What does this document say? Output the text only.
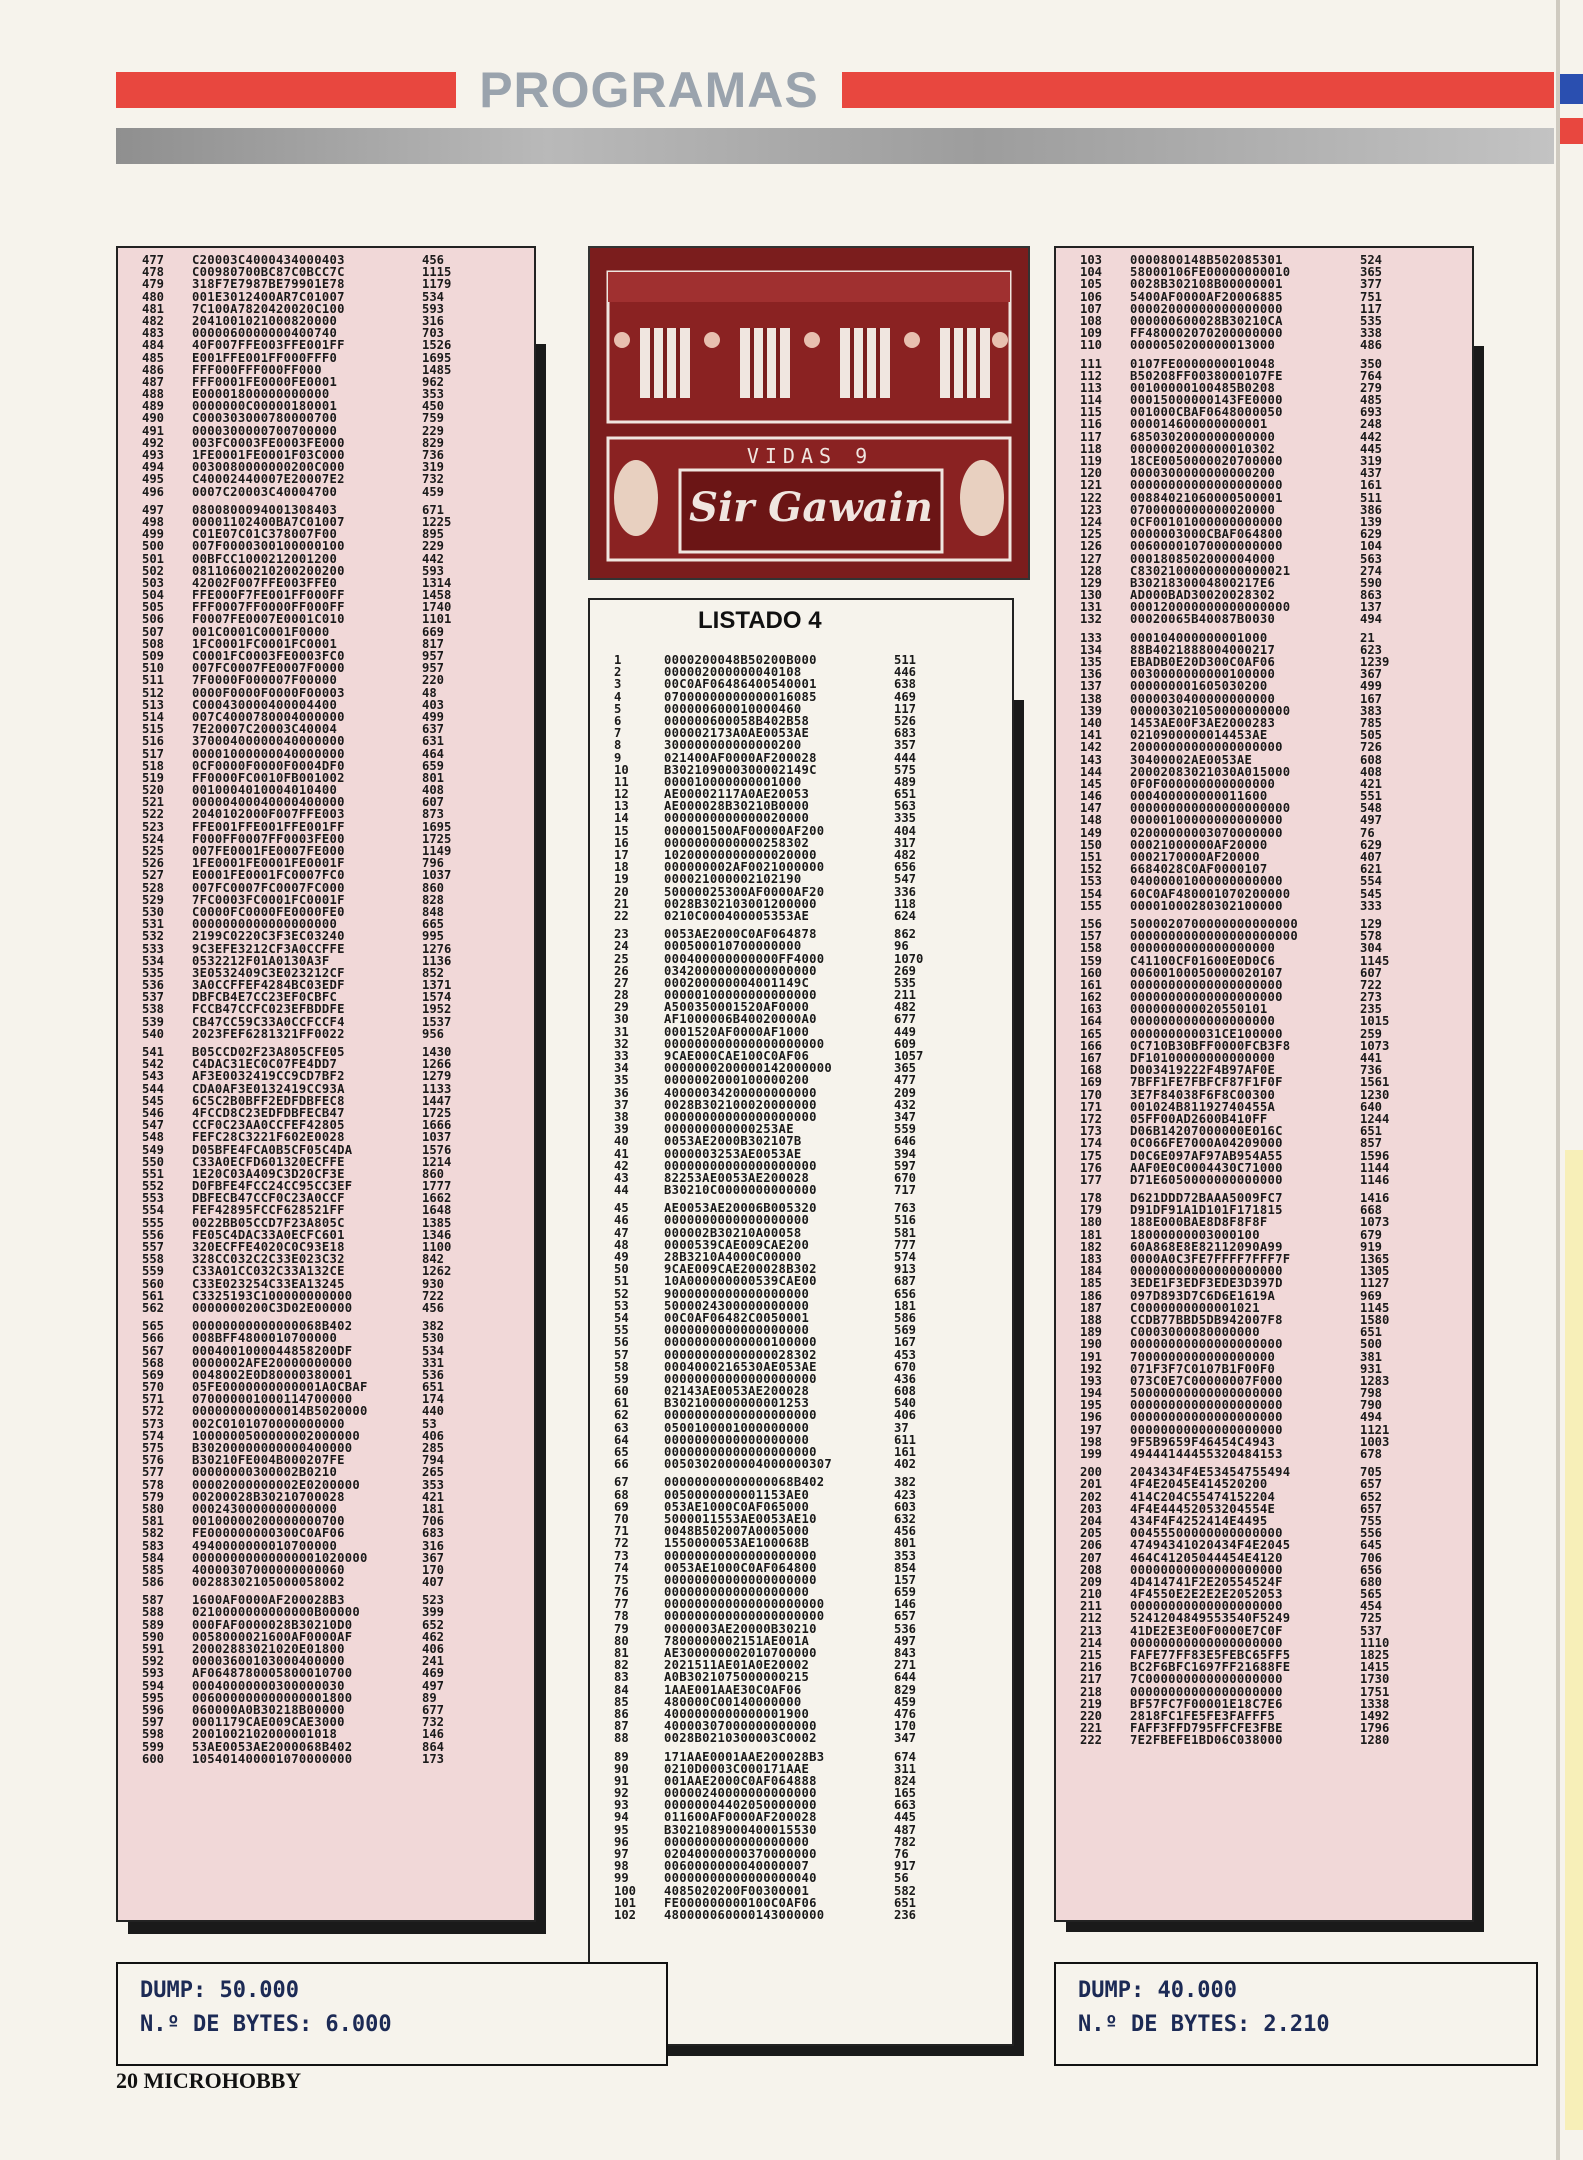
PROGRAMAS
477	C20003C4000434000403	456
478	C00980700BC87C0BCC7C	1115
479	318F7E7987BE79901E78	1179
480	001E3012400AR7C01007	534
481	7C100A7820420020C100	593
482	2041001021000820000	316
483	0000060000000400740	703
484	40F007FFE003FFE001FF	1526
485	E001FFE001FF000FFF0	1695
486	FFF000FFF000FF000	1485
487	FFF0001FE0000FE0001	962
488	E00001800000000000	353
489	0000000C00000180001	450
490	C000303000780000700	759
491	0000300000700700000	229
492	003FC0003FE0003FE000	829
493	1FE0001FE0001F03C000	736
494	0030080000000200C000	319
495	C40002440007E20007E2	732
496	0007C20003C40004700	459
497	0800800094001308403	671
498	00001102400BA7C01007	1225
499	C01E07C01C378007F00	895
500	007F0000300100000100	229
501	00BFCC1000212001200	442
502	08110600210200200200	593
503	42002F007FFE003FFE0	1314
504	FFE000F7FE001FF000FF	1458
505	FFF0007FF0000FF000FF	1740
506	F0007FE0007E0001C010	1101
507	001C0001C0001F0000	669
508	1FC0001FC0001FC0001	817
509	C0001FC0003FE0003FC0	957
510	007FC0007FE0007F0000	957
511	7F0000F000007F00000	220
512	0000F0000F0000F00003	48
513	C000430000400004400	403
514	007C4000780004000000	499
515	7E20007C20003C40004	637
516	37000400000040000000	631
517	00001000000040000000	464
518	0CF0000F0000F0004DF0	659
519	FF0000FC0010FB001002	801
520	0010004010004010400	408
521	00000400040000400000	607
522	2040102000F007FFE003	873
523	FFE001FFE001FFE001FF	1695
524	F000FF0007FF0003FE00	1725
525	007FE0001FE0007FE000	1149
526	1FE0001FE0001FE0001F	796
527	E0001FE0001FC0007FC0	1037
528	007FC0007FC0007FC000	860
529	7FC0003FC0001FC0001F	828
530	C0000FC0000FE0000FE0	848
531	0000000000000000000	665
532	2199C0220C3F3EC03240	995
533	9C3EFE3212CF3A0CCFFE	1276
534	0532212F01A0130A3F	1136
535	3E0532409C3E023212CF	852
536	3A0CCFFEF4284BC03EDF	1371
537	DBFCB4E7CC23EF0CBFC	1574
538	FCCB47CCFC023EFBDDFE	1952
539	CB47CC59C33A0CCFCCF4	1537
540	2023FEF6281321FF0022	956
541	B05CCD02F23A805CFE05	1430
542	C4DAC31EC0C07FE4DD7	1266
543	AF3E0032419CC9CD7BF2	1279
544	CDA0AF3E0132419CC93A	1133
545	6C5C2B0BFF2EDFDBFEC8	1447
546	4FCCD8C23EDFDBFECB47	1725
547	CCF0C23AA0CCFEF42805	1666
548	FEFC28C3221F602E0028	1037
549	D05BFE4FCA0B5CF05C4DA	1576
550	C33A0ECFD601320ECFFE	1214
551	1E20C03A409C3D20CF3E	860
552	D0FBFE4FCC24CC95CC3EF	1777
553	DBFECB47CCF0C23A0CCF	1662
554	FEF42895FCCF628521FF	1648
555	0022BB05CCD7F23A805C	1385
556	FE05C4DAC33A0ECFC601	1346
557	320ECFFE4020C0C93E18	1100
558	328CC032C2C33E023C32	842
559	C33A01CC032C33A132CE	1262
560	C33E023254C33EA13245	930
561	C3325193C100000000000	722
562	0000000200C3D02E00000	456
565	00000000000000068B402	382
566	008BFF4800010700000	530
567	0004001000044858200DF	534
568	0000002AFE20000000000	331
569	0048002E0D80000380001	536
570	05FE0000000000001A0CBAF	651
571	070000001000114700000	174
572	000000000000014B5020000	440
573	002C0101070000000000	53
574	1000000500000002000000	406
575	B30200000000000400000	285
576	B30210FE004B000207FE	794
577	00000000300002B0210	265
578	00002000000002E0200000	353
579	00200028B30210700028	421
580	0002430000000000000	181
581	00100000200000000700	706
582	FE000000000300C0AF06	683
583	4940000000010700000	316
584	00000000000000001020000	367
585	40000307000000000060	170
586	00288302105000058002	407
587	1600AF0000AF200028B3	523
588	0210000000000000B00000	399
589	000FAF0000028B30210D0	652
590	0058000021600AF0000AF	462
591	20002883021020E01800	406
592	00003600103000400000	241
593	AF0648780005800010700	469
594	00040000000300000030	497
595	006000000000000001800	89
596	060000A0B30218B00000	677
597	0001179CAE009CAE3000	732
598	2001002102000001018	146
599	53AE0053AE2000068B402	864
600	105401400001070000000	173
VIDAS 9
Sir Gawain
LISTADO 4
1	0000200048B50200B000	511
2	000002000000040108	446
3	00C0AF06486400540001	638
4	07000000000000016085	469
5	000000600010000460	117
6	000000600058B402B58	526
7	000002173A0AE0053AE	683
8	300000000000000200	357
9	021400AF0000AF200028	444
10	B302109000300002149C	575
11	000010000000001000	489
12	AE00002117A0AE20053	651
13	AE000028B30210B0000	563
14	0000000000000020000	335
15	000001500AF00000AF200	404
16	0000000000000258302	317
17	10200000000000020000	482
18	000000002AF0021000000	656
19	000021000002102190	547
20	50000025300AF0000AF20	336
21	0028B302103001200000	118
22	0210C000400005353AE	624
23	0053AE2000C0AF064878	862
24	000500010700000000	96
25	000400000000000FF4000	1070
26	03420000000000000000	269
27	000200000004001149C	535
28	00000100000000000000	211
29	A500350001520AF0000	482
30	AF1000006B40020000A0	677
31	0001520AF0000AF1000	449
32	000000000000000000000	609
33	9CAE000CAE100C0AF06	1057
34	0000000200000142000000	365
35	0000002000100000200	477
36	40000034200000000000	209
37	0028B302100020000000	432
38	00000000000000000000	347
39	000000000000253AE	559
40	0053AE2000B302107B	646
41	0000003253AE0053AE	394
42	00000000000000000000	597
43	82253AE0053AE200028	670
44	B30210C0000000000000	717
45	AE0053AE20006B005320	763
46	0000000000000000000	516
47	000002B30210A00058	581
48	0000539CAE009CAE200	777
49	28B3210A4000C00000	574
50	9CAE009CAE200028B302	913
51	10A000000000539CAE00	687
52	9000000000000000000	656
53	5000024300000000000	181
54	00C0AF06482C0050001	586
55	0000000000000000000	569
56	00000000000000100000	167
57	00000000000000028302	453
58	0004000216530AE053AE	670
59	00000000000000000000	436
60	02143AE0053AE200028	608
61	B302100000000001253	540
62	00000000000000000000	406
63	0500100001000000000	37
64	0000000000000000000	611
65	00000000000000000000	161
66	0050302000004000000307	402
67	00000000000000068B402	382
68	0050000000001153AE0	423
69	053AE1000C0AF065000	603
70	5000011553AE0053AE10	632
71	0048B502007A0005000	456
72	1550000053AE100068B	801
73	00000000000000000000	353
74	0053AE1000C0AF064800	854
75	00000000000000000000	157
76	0000000000000000000	659
77	000000000000000000000	146
78	000000000000000000000	657
79	0000003AE20000B30210	536
80	7800000002151AE001A	497
81	AE300000002010700000	843
82	2021511AE01A0E20002	271
83	A0B3021075000000215	644
84	1AAE001AAE30C0AF06	829
85	480000C00140000000	459
86	4000000000000001900	476
87	40000307000000000000	170
88	0028B0210300003C0002	347
89	171AAE0001AAE200028B3	674
90	0210D0003C000171AAE	311
91	001AAE2000C0AF064888	824
92	00000240000000000000	165
93	00000004402050000000	663
94	011600AF0000AF200028	445
95	B3021089000400015530	487
96	0000000000000000000	782
97	02040000000370000000	76
98	0060000000040000007	917
99	00000000000000000040	56
100	4085020200F00300001	582
101	FE000000000100C0AF06	651
102	480000060000143000000	236
103	0000800148B502085301	524
104	58000106FE00000000010	365
105	0028B302108B00000001	377
106	5400AF0000AF20006885	751
107	00002000000000000000	117
108	000000600028B30210CA	535
109	FF480002070200000000	338
110	0000050200000013000	486
111	0107FE0000000010048	350
112	B50208FF0038000107FE	764
113	00100000100485B0208	279
114	00015000000143FE0000	485
115	001000CBAF0648000050	693
116	000014600000000001	248
117	6850302000000000000	442
118	0000002000000010302	445
119	18CE0050000020700000	319
120	0000300000000000200	437
121	00000000000000000000	161
122	00884021060000500001	511
123	0700000000000020000	386
124	0CF00101000000000000	139
125	0000003000CBAF064800	629
126	00600001070000000000	104
127	0001808502000004000	563
128	C83021000000000000021	274
129	B3021830004800217E6	590
130	AD000BAD30020028302	863
131	000120000000000000000	137
132	00020065B40087B0030	494
133	000104000000001000	21
134	88B4021888004000217	623
135	EBADB0E20D300C0AF06	1239
136	0030000000000100000	367
137	000000001605030200	499
138	0000030400000000000	167
139	000003021050000000000	383
140	1453AE00F3AE2000283	785
141	0210900000014453AE	505
142	20000000000000000000	726
143	30400002AE0053AE	608
144	20002083021030A015000	408
145	0F0F000000000000000	421
146	000400000000011600	551
147	000000000000000000000	548
148	00000100000000000000	497
149	02000000003070000000	76
150	00021000000AF20000	629
151	0002170000AF20000	407
152	6684028C0AF0000107	621
153	04000001000000000000	554
154	60C0AF480001070200000	545
155	00001000280302100000	333
156	5000020700000000000000	129
157	0000000000000000000000	578
158	0000000000000000000	304
159	C41100CF01600E0D0C6	1145
160	00600100050000020107	607
161	00000000000000000000	722
162	00000000000000000000	273
163	000000000020550101	235
164	0000000000000000000	1015
165	000000000031CE100000	259
166	0C710B30BFF0000FCB3F8	1073
167	DF10100000000000000	441
168	D003419222F4B97AF0E	736
169	7BFF1FE7FBFCF87F1F0F	1561
170	3E7F84038F6F8C00300	1230
171	001024B81192740455A	640
172	05FF00AD2600B410FF	1244
173	D06B14207000000E016C	651
174	0C066FE7000A04209000	857
175	D0C6E097AF97AB954A55	1596
176	AAF0E0C0004430C71000	1144
177	D71E6050000000000000	1146
178	D621DDD72BAAA5009FC7	1416
179	D91DF91A1D101F171815	668
180	188E000BAE8D8F8F8F	1073
181	18000000003000100	679
182	60A868E8E82112090A99	919
183	0000A0C3FE7FFFF7FFF7F	1365
184	00000000000000000000	1305
185	3EDE1F3EDF3EDE3D397D	1127
186	097D893D7C6D6E1619A	969
187	C0000000000001021	1145
188	CCDB77BBD5DB942007F8	1580
189	C0003000080000000	651
190	00000000000000000000	500
191	7000000000000000000	381
192	071F3F7C0107B1F00F0	931
193	073C0E7C00000007F000	1283
194	50000000000000000000	798
195	00000000000000000000	790
196	00000000000000000000	494
197	00000000000000000000	1121
198	9F5B9659F46454C4943	1003
199	49444144455320484153	678
200	2043434F4E53454755494	705
201	4F4E2045E414520200	657
202	414C204C55474152204	652
203	4F4E44452053204554E	657
204	434F4F4252414E4495	755
205	00455500000000000000	556
206	47494341020434F4E2045	645
207	464C41205044454E4120	706
208	00000000000000000000	656
209	4D414741F2E20554524F	680
210	4F4550E2E2E2E2052053	565
211	00000000000000000000	454
212	5241204849553540F5249	725
213	41DE2E3E00F0000E7C0F	537
214	00000000000000000000	1110
215	FAFE77FF83E5FEBC65FF5	1825
216	BC2F6BFC1697FF21688FE	1415
217	7C000000000000000000	1730
218	00000000000000000000	1751
219	BF57FC7F00001E18C7E6	1338
220	2818FC1FE5FE3FAFFF5	1492
221	FAFF3FFD795FFCFE3FBE	1796
222	7E2FBEFE1BD06C038000	1280
DUMP: 50.000
N.º DE BYTES: 6.000
DUMP: 40.000
N.º DE BYTES: 2.210
20 MICROHOBBY
